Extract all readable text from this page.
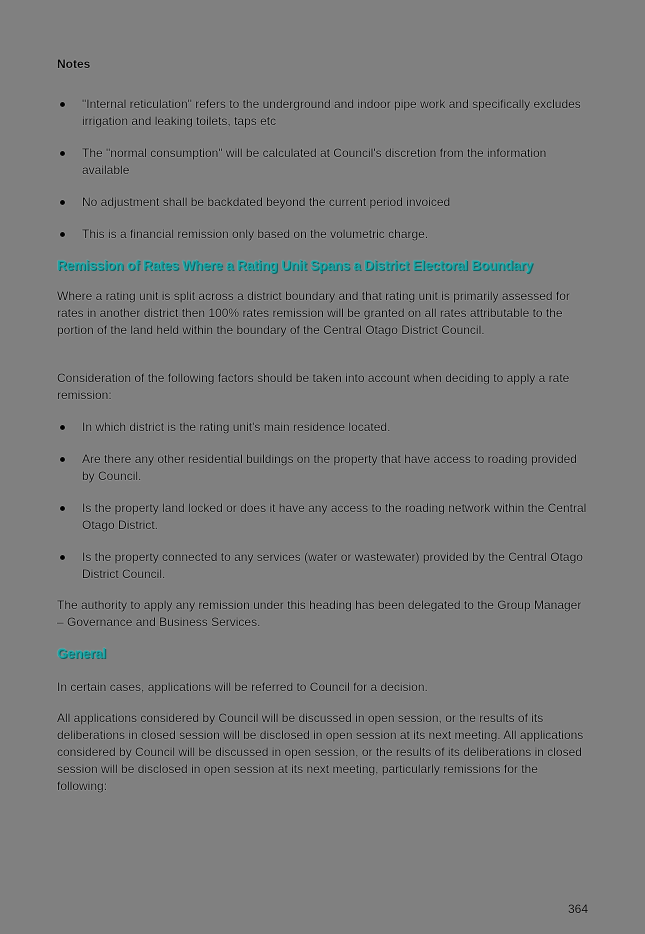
Notes
"Internal reticulation" refers to the underground and indoor pipe work and specifically excludes irrigation and leaking toilets, taps etc
The "normal consumption" will be calculated at Council's discretion from the information available
No adjustment shall be backdated beyond the current period invoiced
This is a financial remission only based on the volumetric charge.
Remission of Rates Where a Rating Unit Spans a District Electoral Boundary

Where a rating unit is split across a district boundary and that rating unit is primarily assessed for rates in another district then 100% rates remission will be granted on all rates attributable to the portion of the land held within the boundary of the Central Otago District Council.

Consideration of the following factors should be taken into account when deciding to apply a rate remission:

In which district is the rating unit's main residence located.
Are there any other residential buildings on the property that have access to roading provided by Council.
Is the property land locked or does it have any access to the roading network within the Central Otago District.
Is the property connected to any services (water or wastewater) provided by the Central Otago District Council.

The authority to apply any remission under this heading has been delegated to the Group Manager – Governance and Business Services.

General

In certain cases, applications will be referred to Council for a decision.

All applications considered by Council will be discussed in open session, or the results of its deliberations in closed session will be disclosed in open session at its next meeting. All applications considered by Council will be discussed in open session, or the results of its deliberations in closed session will be disclosed in open session at its next meeting, particularly remissions for the following:

364
